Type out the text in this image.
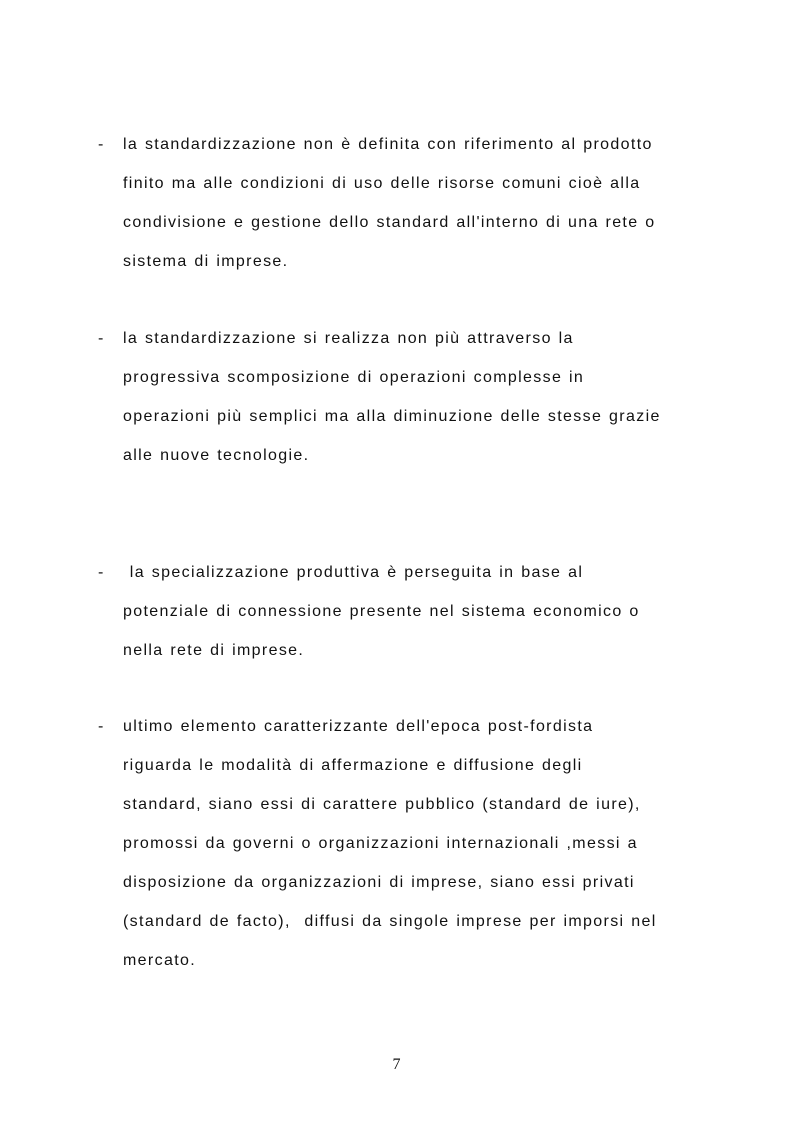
- la standardizzazione non è definita con riferimento al prodotto
finito ma alle condizioni di uso delle risorse comuni cioè alla
condivisione e gestione dello standard all'interno di una rete o
sistema di imprese.
- la standardizzazione si realizza non più attraverso la
progressiva scomposizione di operazioni complesse in
operazioni più semplici ma alla diminuzione delle stesse grazie
alle nuove tecnologie.
- la specializzazione produttiva è perseguita in base al
potenziale di connessione presente nel sistema economico o
nella rete di imprese.
- ultimo elemento caratterizzante dell'epoca post-fordista
riguarda le modalità di affermazione e diffusione degli
standard, siano essi di carattere pubblico (standard de iure),
promossi da governi o organizzazioni internazionali ,messi a
disposizione da organizzazioni di imprese, siano essi privati
(standard de facto),  diffusi da singole imprese per imporsi nel
mercato.
7
